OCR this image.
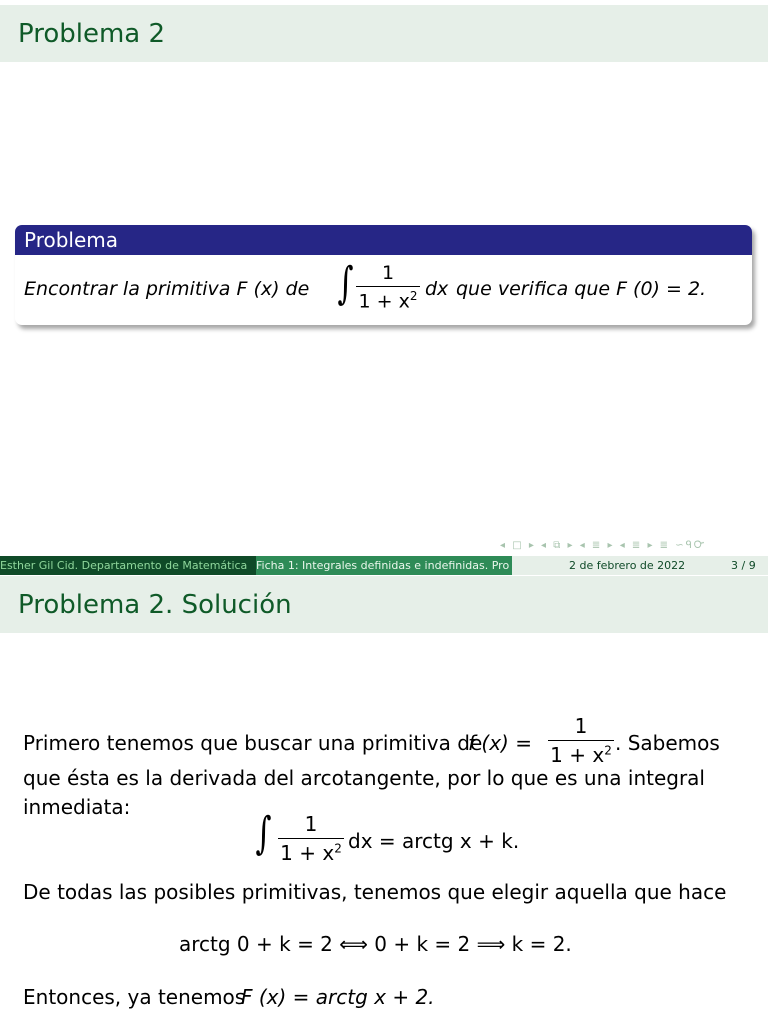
Problema 2
Problema
Encontrar la primitiva F (x) de ∫	1
$1 + x^2$ dx que verifica que F (0) = 2.
◂ □ ▸ ◂ ⧉ ▸ ◂ ≣ ▸ ◂ ≣ ▸ ≣ ∽ᑫᏅ
Esther Gil Cid. Departamento de Matemática Ficha 1: Integrales definidas e indefinidas. Pro	2 de febrero de 2022	3 / 9
Problema 2. Solución
Primero tenemos que buscar una primitiva de
f (x) =
1
$1 + x^2$ . Sabemos
que ésta es la derivada del arcotangente, por lo que es una integral
inmediata:
∫	1
$1 + x^2$ dx = arctg x + k.
De todas las posibles primitivas, tenemos que elegir aquella que hace
arctg 0 + k = 2 ⟺ 0 + k = 2 ⟹ k = 2.
Entonces, ya tenemos
F (x) = arctg x + 2.
